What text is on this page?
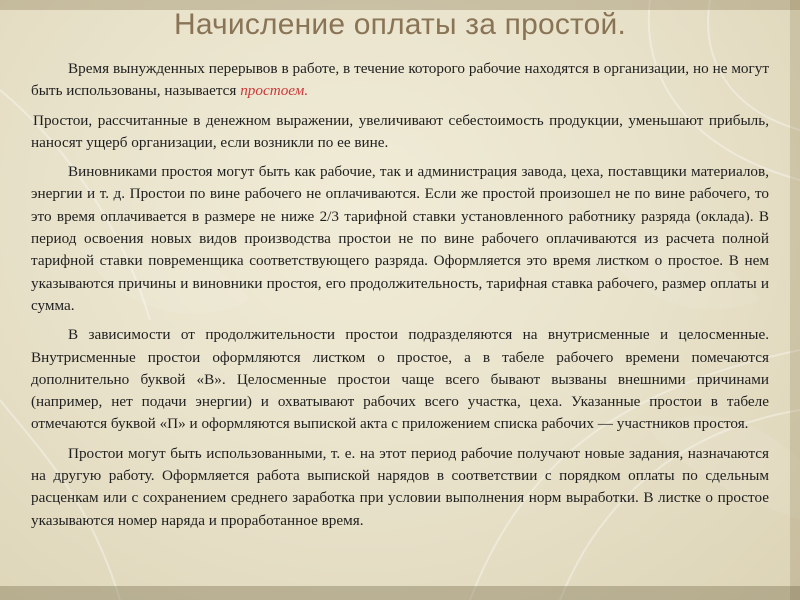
Начисление оплаты за простой.

Время вынужденных перерывов в работе, в течение которого рабочие находятся в организации, но не могут быть использованы, называется простоем.

Простои, рассчитанные в денежном выражении, увеличивают себестоимость продукции, уменьшают прибыль, наносят ущерб организации, если возникли по ее вине.

Виновниками простоя могут быть как рабочие, так и администрация завода, цеха, поставщики материалов, энергии и т. д. Простои по вине рабочего не оплачиваются. Если же простой произошел не по вине рабочего, то это время оплачивается в размере не ниже 2/3 тарифной ставки установленного работнику разряда (оклада). В период освоения новых видов производства простои не по вине рабочего оплачиваются из расчета полной тарифной ставки повременщика соответствующего разряда. Оформляется это время листком о простое. В нем указываются причины и виновники простоя, его продолжительность, тарифная ставка рабочего, размер оплаты и сумма.

В зависимости от продолжительности простои подразделяются на внутрисменные и целосменные. Внутрисменные простои оформляются листком о простое, а в табеле рабочего времени помечаются дополнительно буквой «В». Целосменные простои чаще всего бывают вызваны внешними причинами (например, нет подачи энергии) и охватывают рабочих всего участка, цеха. Указанные простои в табеле отмечаются буквой «П» и оформляются выпиской акта с приложением списка рабочих — участников простоя.

Простои могут быть использованными, т. е. на этот период рабочие получают новые задания, назначаются на другую работу. Оформляется работа выпиской нарядов в соответствии с порядком оплаты по сдельным расценкам или с сохранением среднего заработка при условии выполнения норм выработки. В листке о простое указываются номер наряда и проработанное время.
